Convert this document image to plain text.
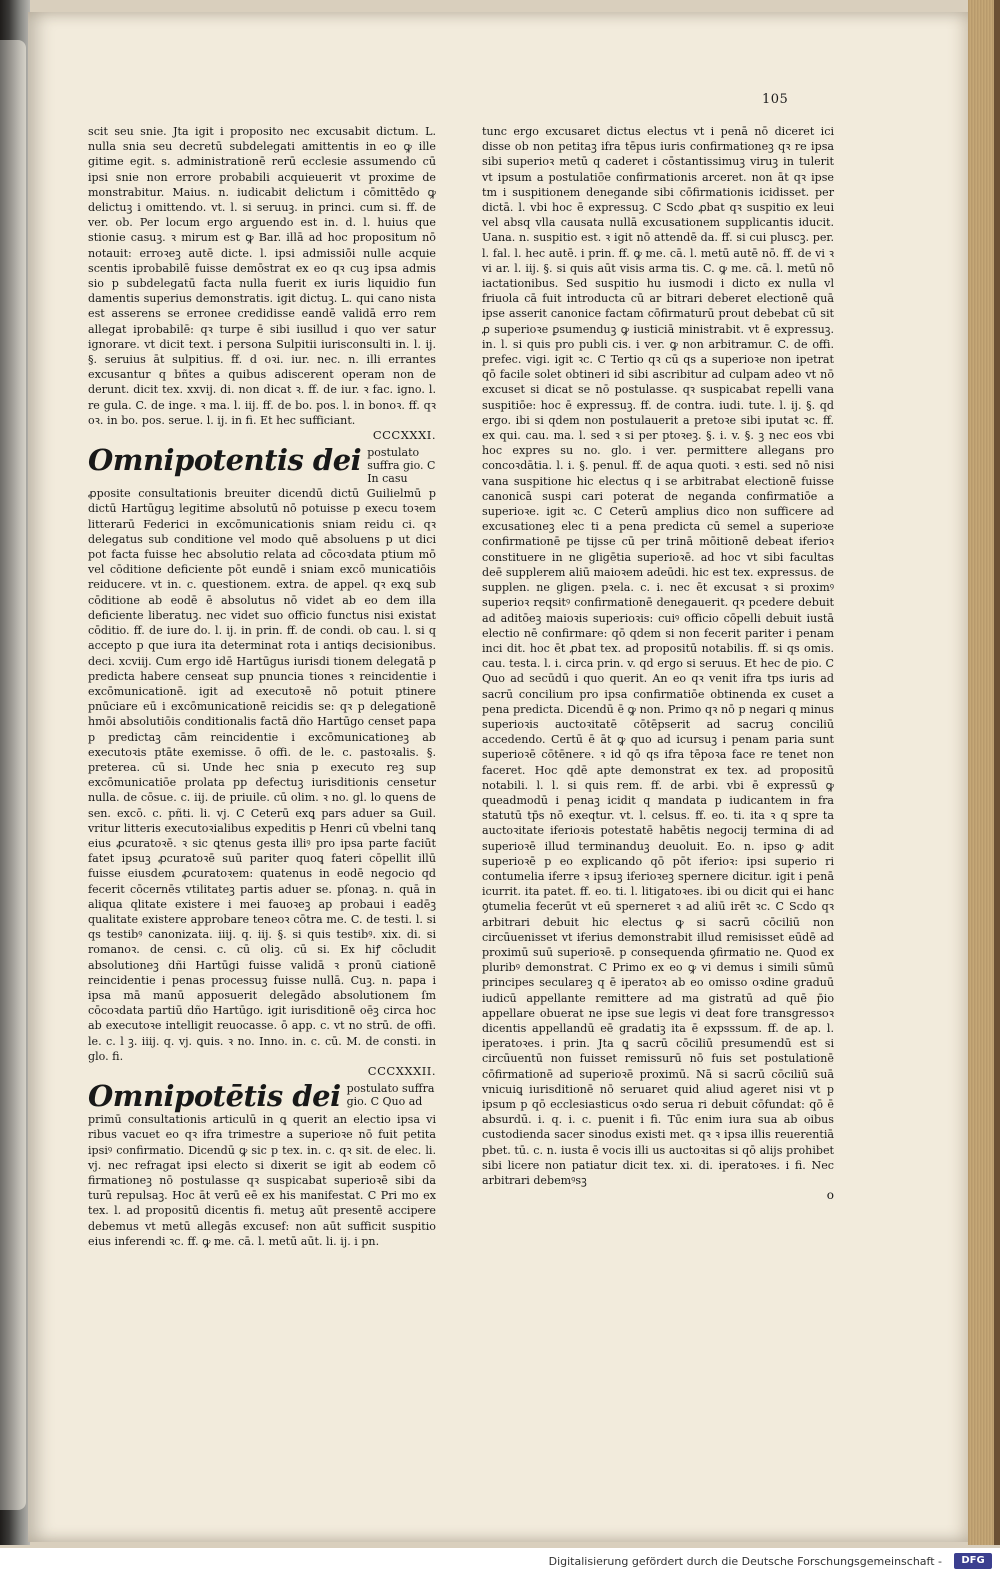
105

scit seu snie. Jta igit i proposito nec excusabit dictum. L. nulla snia seu decretū subdelegati amittentis in eo ꝙ ille gitime egit. s. administrationē rerū ecclesie assumendo cū ipsi snie non errore probabili acquieuerit vt proxime de monstrabitur. Maius. n. iudicabit delictum i cōmittēdo ꝙ delictuꝫ i omittendo. vt. l. si seruuꝫ. in princi. cum si. ff. de ver. ob. Per locum ergo arguendo est in. d. l. huius que stionie casuꝫ. ꝛ mirum est ꝙ Bar. illā ad hoc propositum nō notauit: erroꝛeꝫ autē dicte. l. ipsi admissiōi nulle acquie scentis iprobabilē fuisse demōstrat ex eo qꝛ cuꝫ ipsa admis sio p subdelegatū facta nulla fuerit ex iuris liquidio fun damentis superius demonstratis. igit dictuꝫ. L. qui cano nista est asserens se erronee credidisse eandē validā erro rem allegat iprobabilē: qꝛ turpe ē sibi iusillud i quo ver satur ignorare. vt dicit text. i persona Sulpitii iurisconsulti in. l. ij. §. seruius āt sulpitius. ff. d oꝛi. iur. nec. n. illi errantes excusantur q bñtes a quibus adiscerent operam non de derunt. dicit tex. xxvij. di. non dicat ꝛ. ff. de iur. ꝛ fac. igno. l. re gula. C. de inge. ꝛ ma. l. iij. ff. de bo. pos. l. in bonoꝛ. ff. qꝛ oꝛ. in bo. pos. serue. l. ij. in fi. Et hec sufficiant.

CCCXXXI.

Omnipotentis dei postulato suffra gio. C In casu

ꝓposite consultationis breuiter dicendū dictū Guilielmū p dictū Hartūguꝫ legitime absolutū nō potuisse p execu toꝛem litterarū Federici in excōmunicationis sniam reidu ci. qꝛ delegatus sub conditione vel modo quē absoluens p ut dici pot facta fuisse hec absolutio relata ad cōcoꝛdata ptium mō vel cōditione deficiente pōt eundē i sniam excō municatiōis reiducere. vt in. c. questionem. extra. de appel. qꝛ exꝗ sub cōditione ab eodē ē absolutus nō videt ab eo dem illa deficiente liberatuꝫ. nec videt suo officio functus nisi existat cōditio. ff. de iure do. l. ij. in prin. ff. de condi. ob cau. l. si q accepto p que iura ita determinat rota i antiqs decisionibus. deci. xcviij. Cum ergo idē Hartūgus iurisdi tionem delegatā p predicta habere censeat sup pnuncia tiones ꝛ reincidentie i excōmunicationē. igit ad executoꝛē nō potuit ptinere pnūciare eū i excōmunicationē reicidis se: qꝛ p delegationē hmōi absolutiōis conditionalis factā dño Hartūgo censet papa p predictaꝫ cām reincidentie i excōmunicationeꝫ ab executoꝛis ptāte exemisse. ō offi. de le. c. pastoꝛalis. §. preterea. cū si. Unde hec snia p executo reꝫ sup excōmunicatiōe prolata pp defectuꝫ iurisditionis censetur nulla. de cōsue. c. iij. de priuile. cū olim. ꝛ no. gl. lo quens de sen. excō. c. pñti. li. vj. C Ceterū exꝗ pars aduer sa Guil. vritur litteris executoꝛialibus expeditis p Henri cū vbelni tanꝗ eius ꝓcuratoꝛē. ꝛ sic ꝗtenus gesta illiꝰ pro ipsa parte faciūt fatet ipsuꝫ ꝓcuratoꝛē suū pariter quoꝗ fateri cōpellit illū fuisse eiusdem ꝓcuratoꝛem: quatenus in eodē negocio qd fecerit cōcernēs vtilitateꝫ partis aduer se. pſonaꝫ. n. quā in aliqua qlitate existere i mei fauoꝛeꝫ ap probaui i eadēꝫ qualitate existere approbare teneoꝛ cōtra me. C. de testi. l. si qs testibꝰ canonizata. iiij. q. iij. §. si quis testibꝰ. xix. di. si romanoꝛ. de censi. c. cū oliꝫ. cū si. Ex hiꝭ cōcludit absolutioneꝫ dñi Hartūgi fuisse validā ꝛ pronū ciationē reincidentie i penas processuꝫ fuisse nullā. Cuꝫ. n. papa i ipsa mā manū apposuerit delegādo absolutionem ſm cōcoꝛdata partiū dño Hartūgo. igit iurisditionē oēꝫ circa hoc ab executoꝛe intelligit reuocasse. ō app. c. vt no strū. de offi. le. c. l ꝫ. iiij. q. vj. ꝗuis. ꝛ no. Inno. in. c. cū. M. de consti. in glo. fi.

CCCXXXII.

Omnipotētis dei postulato suffra gio. C Quo ad

primū consultationis articulū in ꝗ querit an electio ipsa vi ribus vacuet eo qꝛ ifra trimestre a superioꝛe nō fuit petita ipsiꝰ confirmatio. Dicendū ꝙ sic p tex. in. c. qꝛ sit. de elec. li. vj. nec refragat ipsi electo si dixerit se igit ab eodem cō firmationeꝫ nō postulasse qꝛ suspicabat superioꝛē sibi da turū repulsaꝫ. Hoc āt verū eē ex his manifestat. C Pri mo ex tex. l. ad propositū dicentis fi. metuꝫ aūt presentē accipere debemus vt metū allegās excusef: non aūt sufficit suspitio eius inferendi ꝛc. ff. ꝙ me. cā. l. metū aūt. li. ij. i pn.

tunc ergo excusaret dictus electus vt i penā nō diceret ici disse ob non petitaꝫ ifra tēpus iuris confirmationeꝫ qꝛ re ipsa sibi superioꝛ metū q caderet i cōstantissimuꝫ viruꝫ in tulerit vt ipsum a postulatiōe confirmationis arceret. non āt qꝛ ipse tm i suspitionem denegande sibi cōfirmationis icidisset. per dictā. l. vbi hoc ē expressuꝫ. C Scdo ꝓbat qꝛ suspitio ex leui vel absq vlla causata nullā excusationem supplicantis iducit. Uana. n. suspitio est. ꝛ igit nō attendē da. ff. si cui pluscꝫ. per. l. fal. l. hec autē. i prin. ff. ꝙ me. cā. l. metū autē nō. ff. de vi ꝛ vi ar. l. iij. §. si quis aūt visis arma tis. C. ꝙ me. cā. l. metū nō iactationibus. Sed suspitio hu iusmodi i dicto ex nulla vl friuola cā fuit introducta cū ar bitrari deberet electionē quā ipse asserit canonice factam cōfirmaturū prout debebat cū sit ꝓ superioꝛe ꝑsumenduꝫ ꝙ iusticiā ministrabit. vt ē expressuꝫ. in. l. si quis pro publi cis. i ver. ꝙ non arbitramur. C. de offi. prefec. vigi. igit ꝛc. C Tertio qꝛ cū qs a superioꝛe non ipetrat qō facile solet obtineri id sibi ascribitur ad culpam adeo vt nō excuset si dicat se nō postulasse. qꝛ suspicabat repelli vana suspitiōe: hoc ē expressuꝫ. ff. de contra. iudi. tute. l. ij. §. qd ergo. ibi si qdem non postulauerit a pretoꝛe sibi iputat ꝛc. ff. ex qui. cau. ma. l. sed ꝛ si per ptoꝛeꝫ. §. i. v. §. ꝫ nec eos vbi hoc expres su no. glo. i ver. permittere allegans pro concoꝛdātia. l. i. §. penul. ff. de aqua quoti. ꝛ esti. sed nō nisi vana suspitione hic electus q i se arbitrabat electionē fuisse canonicā suspi cari poterat de neganda confirmatiōe a superioꝛe. igit ꝛc. C Ceterū amplius dico non sufficere ad excusationeꝫ elec ti a pena predicta cū semel a superioꝛe confirmationē pe tijsse cū per trinā mōitionē debeat iferioꝛ constituere in ne gligētia superioꝛē. ad hoc vt sibi facultas deē supplerem aliū maioꝛem adeūdi. hic est tex. expressus. de supplen. ne gligen. pꝛela. c. i. nec ēt excusat ꝛ si proximꝰ superioꝛ reqsitꝰ confirmationē denegauerit. qꝛ pcedere debuit ad aditōeꝫ maioꝛis superioꝛis: cuiꝰ officio cōpelli debuit iustā electio nē confirmare: qō qdem si non fecerit pariter i penam inci dit. hoc ēt ꝓbat tex. ad propositū notabilis. ff. si qs omis. cau. testa. l. i. circa prin. v. qd ergo si seruus. Et hec de pio. C Quo ad secūdū i quo querit. An eo qꝛ venit ifra tps iuris ad sacrū concilium pro ipsa confirmatiōe obtinenda ex cuset a pena predicta. Dicendū ē ꝙ non. Primo qꝛ nō p negari q minus superioꝛis auctoꝛitatē cōtēpserit ad sacruꝫ conciliū accedendo. Certū ē āt ꝙ quo ad icursuꝫ i penam paria sunt superioꝛē cōtēnere. ꝛ id qō qs ifra tēpoꝛa face re tenet non faceret. Hoc qdē apte demonstrat ex tex. ad propositū notabili. l. l. si quis rem. ff. de arbi. vbi ē expressū ꝙ queadmodū i penaꝫ icidit q mandata p iudicantem in fra statutū tp̄s nō exeqtur. vt. l. celsus. ff. eo. ti. ita ꝛ q spre ta auctoꝛitate iferioꝛis potestatē habētis negocij termina di ad superioꝛē illud terminanduꝫ deuoluit. Eo. n. ipso ꝙ adit superioꝛē p eo explicando qō pōt iferioꝛ: ipsi superio ri contumelia iferre ꝛ ipsuꝫ iferioꝛeꝫ spernere dicitur. igit i penā icurrit. ita patet. ff. eo. ti. l. litigatoꝛes. ibi ou dicit qui ei hanc ꝯtumelia fecerūt vt eū sperneret ꝛ ad aliū irēt ꝛc. C Scdo qꝛ arbitrari debuit hic electus ꝙ si sacrū cōciliū non circūuenisset vt iferius demonstrabit illud remisisset eūdē ad proximū suū superioꝛē. p consequenda ꝯfirmatio ne. Quod ex pluribꝰ demonstrat. C Primo ex eo ꝙ vi demus i simili sūmū principes seculareꝫ q ē iperatoꝛ ab eo omisso oꝛdine graduū iudicū appellante remittere ad ma gistratū ad quē p̄io appellare obuerat ne ipse sue legis vi deat fore transgressoꝛ dicentis appellandū eē gradatiꝫ ita ē expsssum. ff. de ap. l. iperatoꝛes. i prin. Jta ꝗ sacrū cōciliū presumendū est si circūuentū non fuisset remissurū nō fuis set postulationē cōfirmationē ad superioꝛē proximū. Nā si sacrū cōciliū suā vnicuiꝗ iurisditionē nō seruaret quid aliud ageret nisi vt p ipsum p qō ecclesiasticus oꝛdo serua ri debuit cōfundat: qō ē absurdū. i. q. i. c. puenit i fi. Tūc enim iura sua ab oibus custodienda sacer sinodus existi met. qꝛ ꝛ ipsa illis reuerentiā pbet. tū. c. n. iusta ē vocis illi us auctoꝛitas si qō alijs prohibet sibi licere non patiatur dicit tex. xi. di. iperatoꝛes. i fi. Nec arbitrari debemꝰsꝫ

o

Digitalisierung gefördert durch die Deutsche Forschungsgemeinschaft -	DFG
